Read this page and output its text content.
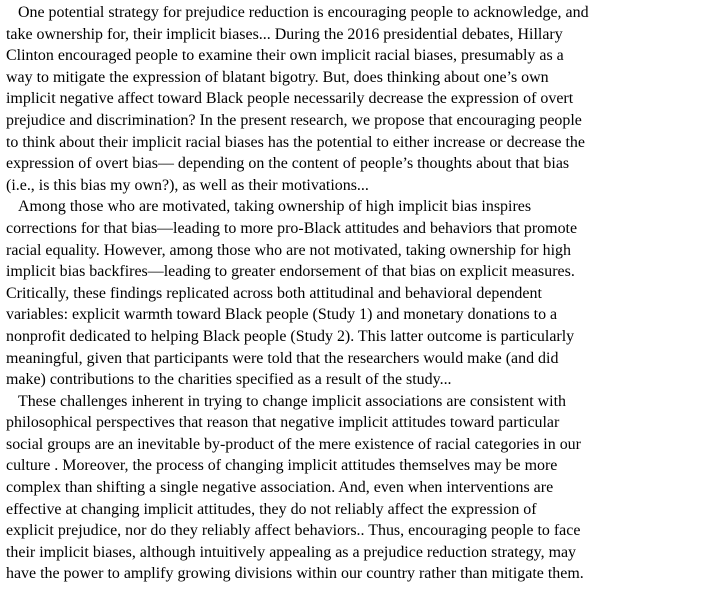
One potential strategy for prejudice reduction is encouraging people to acknowledge, and
take ownership for, their implicit biases... During the 2016 presidential debates, Hillary
Clinton encouraged people to examine their own implicit racial biases, presumably as a
way to mitigate the expression of blatant bigotry. But, does thinking about one’s own
implicit negative affect toward Black people necessarily decrease the expression of overt
prejudice and discrimination? In the present research, we propose that encouraging people
to think about their implicit racial biases has the potential to either increase or decrease the
expression of overt bias— depending on the content of people’s thoughts about that bias
(i.e., is this bias my own?), as well as their motivations...
Among those who are motivated, taking ownership of high implicit bias inspires
corrections for that bias—leading to more pro-Black attitudes and behaviors that promote
racial equality. However, among those who are not motivated, taking ownership for high
implicit bias backfires—leading to greater endorsement of that bias on explicit measures.
Critically, these findings replicated across both attitudinal and behavioral dependent
variables: explicit warmth toward Black people (Study 1) and monetary donations to a
nonprofit dedicated to helping Black people (Study 2). This latter outcome is particularly
meaningful, given that participants were told that the researchers would make (and did
make) contributions to the charities specified as a result of the study...
These challenges inherent in trying to change implicit associations are consistent with
philosophical perspectives that reason that negative implicit attitudes toward particular
social groups are an inevitable by-product of the mere existence of racial categories in our
culture . Moreover, the process of changing implicit attitudes themselves may be more
complex than shifting a single negative association. And, even when interventions are
effective at changing implicit attitudes, they do not reliably affect the expression of
explicit prejudice, nor do they reliably affect behaviors.. Thus, encouraging people to face
their implicit biases, although intuitively appealing as a prejudice reduction strategy, may
have the power to amplify growing divisions within our country rather than mitigate them.
